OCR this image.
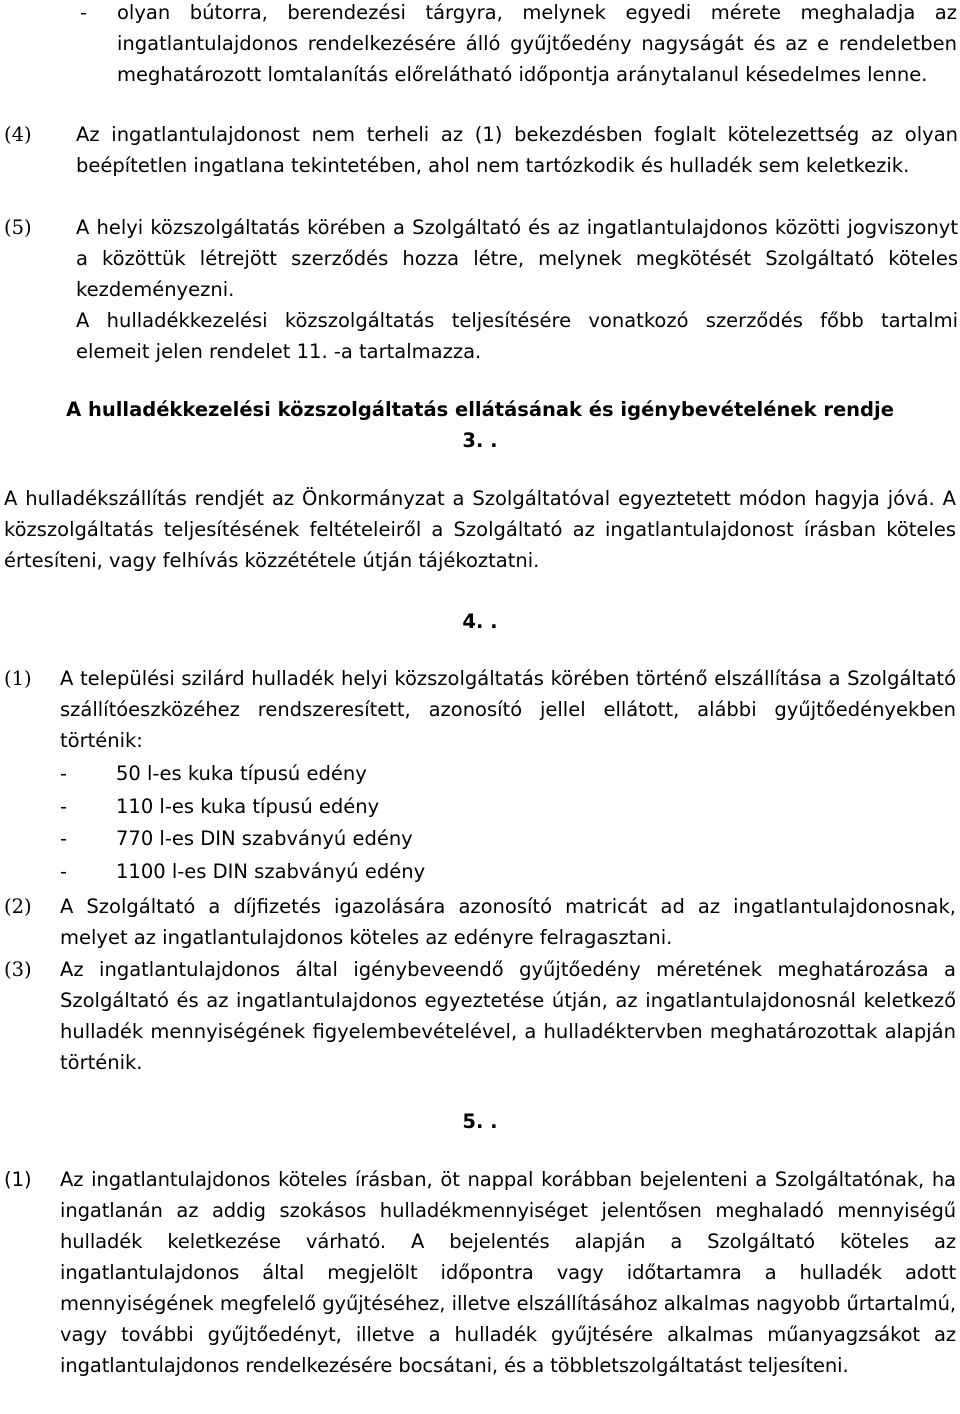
-	olyan bútorra, berendezési tárgyra, melynek egyedi mérete meghaladja az ingatlantulajdonos rendelkezésére álló gyűjtőedény nagyságát és az e rendeletben meghatározott lomtalanítás előrelátható időpontja aránytalanul késedelmes lenne.

(4)	Az ingatlantulajdonost nem terheli az (1) bekezdésben foglalt kötelezettség az olyan beépítetlen ingatlana tekintetében, ahol nem tartózkodik és hulladék sem keletkezik.

(5)	A helyi közszolgáltatás körében a Szolgáltató és az ingatlantulajdonos közötti jogviszonyt a közöttük létrejött szerződés hozza létre, melynek megkötését Szolgáltató köteles kezdeményezni.

A hulladékkezelési közszolgáltatás teljesítésére vonatkozó szerződés főbb tartalmi elemeit jelen rendelet 11. -a tartalmazza.

A hulladékkezelési közszolgáltatás ellátásának és igénybevételének rendje
3. .

A hulladékszállítás rendjét az Önkormányzat a Szolgáltatóval egyeztetett módon hagyja jóvá. A közszolgáltatás teljesítésének feltételeiről a Szolgáltató az ingatlantulajdonost írásban köteles értesíteni, vagy felhívás közzététele útján tájékoztatni.

4. .
(1)	A települési szilárd hulladék helyi közszolgáltatás körében történő elszállítása a Szolgáltató szállítóeszközéhez rendszeresített, azonosító jellel ellátott, alábbi gyűjtőedényekben történik:

-	50 l-es kuka típusú edény
-	110 l-es kuka típusú edény
-	770 l-es DIN szabványú edény
-	1100 l-es DIN szabványú edény
(2)	A Szolgáltató a díjfizetés igazolására azonosító matricát ad az ingatlantulajdonosnak, melyet az ingatlantulajdonos köteles az edényre felragasztani.

(3)	Az ingatlantulajdonos által igénybeveendő gyűjtőedény méretének meghatározása a Szolgáltató és az ingatlantulajdonos egyeztetése útján, az ingatlantulajdonosnál keletkező hulladék mennyiségének figyelembevételével, a hulladéktervben meghatározottak alapján történik.

5. .
(1)	Az ingatlantulajdonos köteles írásban, öt nappal korábban bejelenteni a Szolgáltatónak, ha ingatlanán az addig szokásos hulladékmennyiséget jelentősen meghaladó mennyiségű hulladék keletkezése várható. A bejelentés alapján a Szolgáltató köteles az ingatlantulajdonos által megjelölt időpontra vagy időtartamra a hulladék adott mennyiségének megfelelő gyűjtéséhez, illetve elszállításához alkalmas nagyobb űrtartalmú, vagy további gyűjtőedényt, illetve a hulladék gyűjtésére alkalmas műanyagzsákot az ingatlantulajdonos rendelkezésére bocsátani, és a többletszolgáltatást teljesíteni.
